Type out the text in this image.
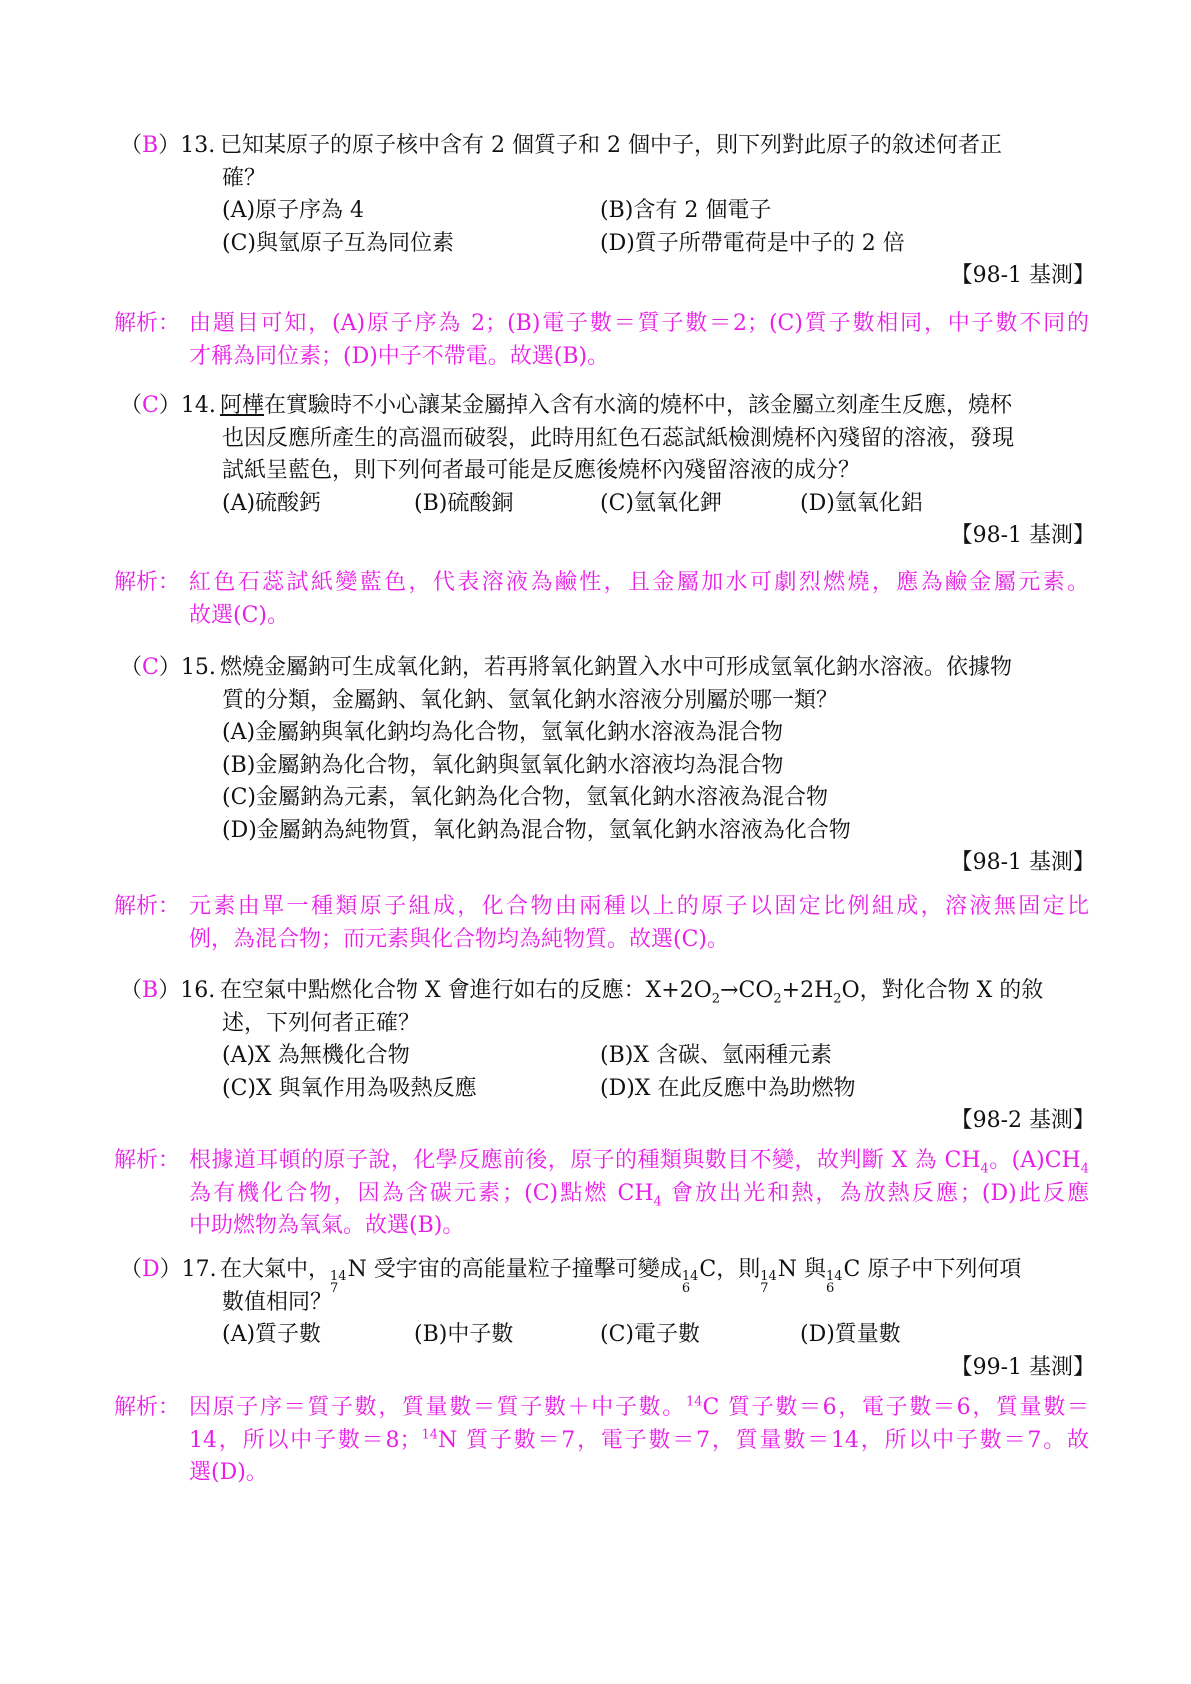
（B）13. 已知某原子的原子核中含有 2 個質子和 2 個中子，則下列對此原子的敘述何者正
確？
(A)原子序為 4	(B)含有 2 個電子
(C)與氫原子互為同位素	(D)質子所帶電荷是中子的 2 倍
【98-1 基測】
解析： 由題目可知，(A)原子序為 2；(B)電子數＝質子數＝2；(C)質子數相同，中子數不同的
才稱為同位素；(D)中子不帶電。故選(B)。
（C）14. 阿樺在實驗時不小心讓某金屬掉入含有水滴的燒杯中，該金屬立刻產生反應，燒杯
也因反應所產生的高溫而破裂，此時用紅色石蕊試紙檢測燒杯內殘留的溶液，發現
試紙呈藍色，則下列何者最可能是反應後燒杯內殘留溶液的成分？
(A)硫酸鈣	(B)硫酸銅	(C)氫氧化鉀	(D)氫氧化鋁
【98-1 基測】
解析： 紅色石蕊試紙變藍色，代表溶液為鹼性，且金屬加水可劇烈燃燒，應為鹼金屬元素。
故選(C)。
（C）15. 燃燒金屬鈉可生成氧化鈉，若再將氧化鈉置入水中可形成氫氧化鈉水溶液。依據物
質的分類，金屬鈉、氧化鈉、氫氧化鈉水溶液分別屬於哪一類？
(A)金屬鈉與氧化鈉均為化合物，氫氧化鈉水溶液為混合物
(B)金屬鈉為化合物，氧化鈉與氫氧化鈉水溶液均為混合物
(C)金屬鈉為元素，氧化鈉為化合物，氫氧化鈉水溶液為混合物
(D)金屬鈉為純物質，氧化鈉為混合物，氫氧化鈉水溶液為化合物
【98-1 基測】
解析： 元素由單一種類原子組成，化合物由兩種以上的原子以固定比例組成，溶液無固定比
例，為混合物；而元素與化合物均為純物質。故選(C)。
（B）16. 在空氣中點燃化合物 X 會進行如右的反應：$X+2O_2\to CO_2+2H_2O$，對化合物 X 的敘
述，下列何者正確？
(A)X 為無機化合物	(B)X 含碳、氫兩種元素
(C)X 與氧作用為吸熱反應	(D)X 在此反應中為助燃物
【98-2 基測】
解析： 根據道耳頓的原子說，化學反應前後，原子的種類與數目不變，故判斷 X 為 $CH_4$。$(A)CH_4$
為有機化合物，因為含碳元素；(C)點燃 $CH_4$ 會放出光和熱，為放熱反應；(D)此反應
中助燃物為氧氣。故選(B)。
（D）17. 在大氣中， 14
7
N 受宇宙的高能量粒子撞擊可變成 14
6
C，則 14
7
N 與 14
6
C 原子中下列何項
數值相同？
(A)質子數	(B)中子數	(C)電子數	(D)質量數
【99-1 基測】
解析： 因原子序＝質子數，質量數＝質子數＋中子數。$^{14}$C 質子數＝6，電子數＝6，質量數＝
14，所以中子數＝8；$^{14}$N 質子數＝7，電子數＝7，質量數＝14，所以中子數＝7。故
選(D)。
